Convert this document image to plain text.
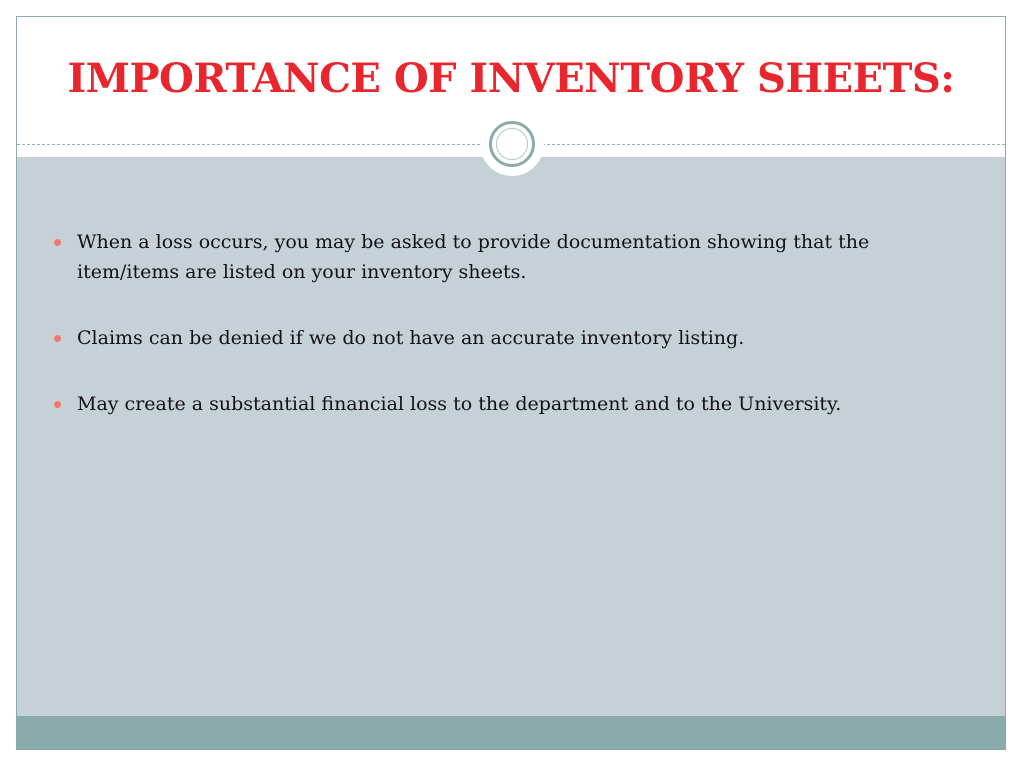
IMPORTANCE OF INVENTORY SHEETS:
When a loss occurs, you may be asked to provide documentation showing that the item/items are listed on your inventory sheets.
Claims can be denied if we do not have an accurate inventory listing.
May create a substantial financial loss to the department and to the University.
